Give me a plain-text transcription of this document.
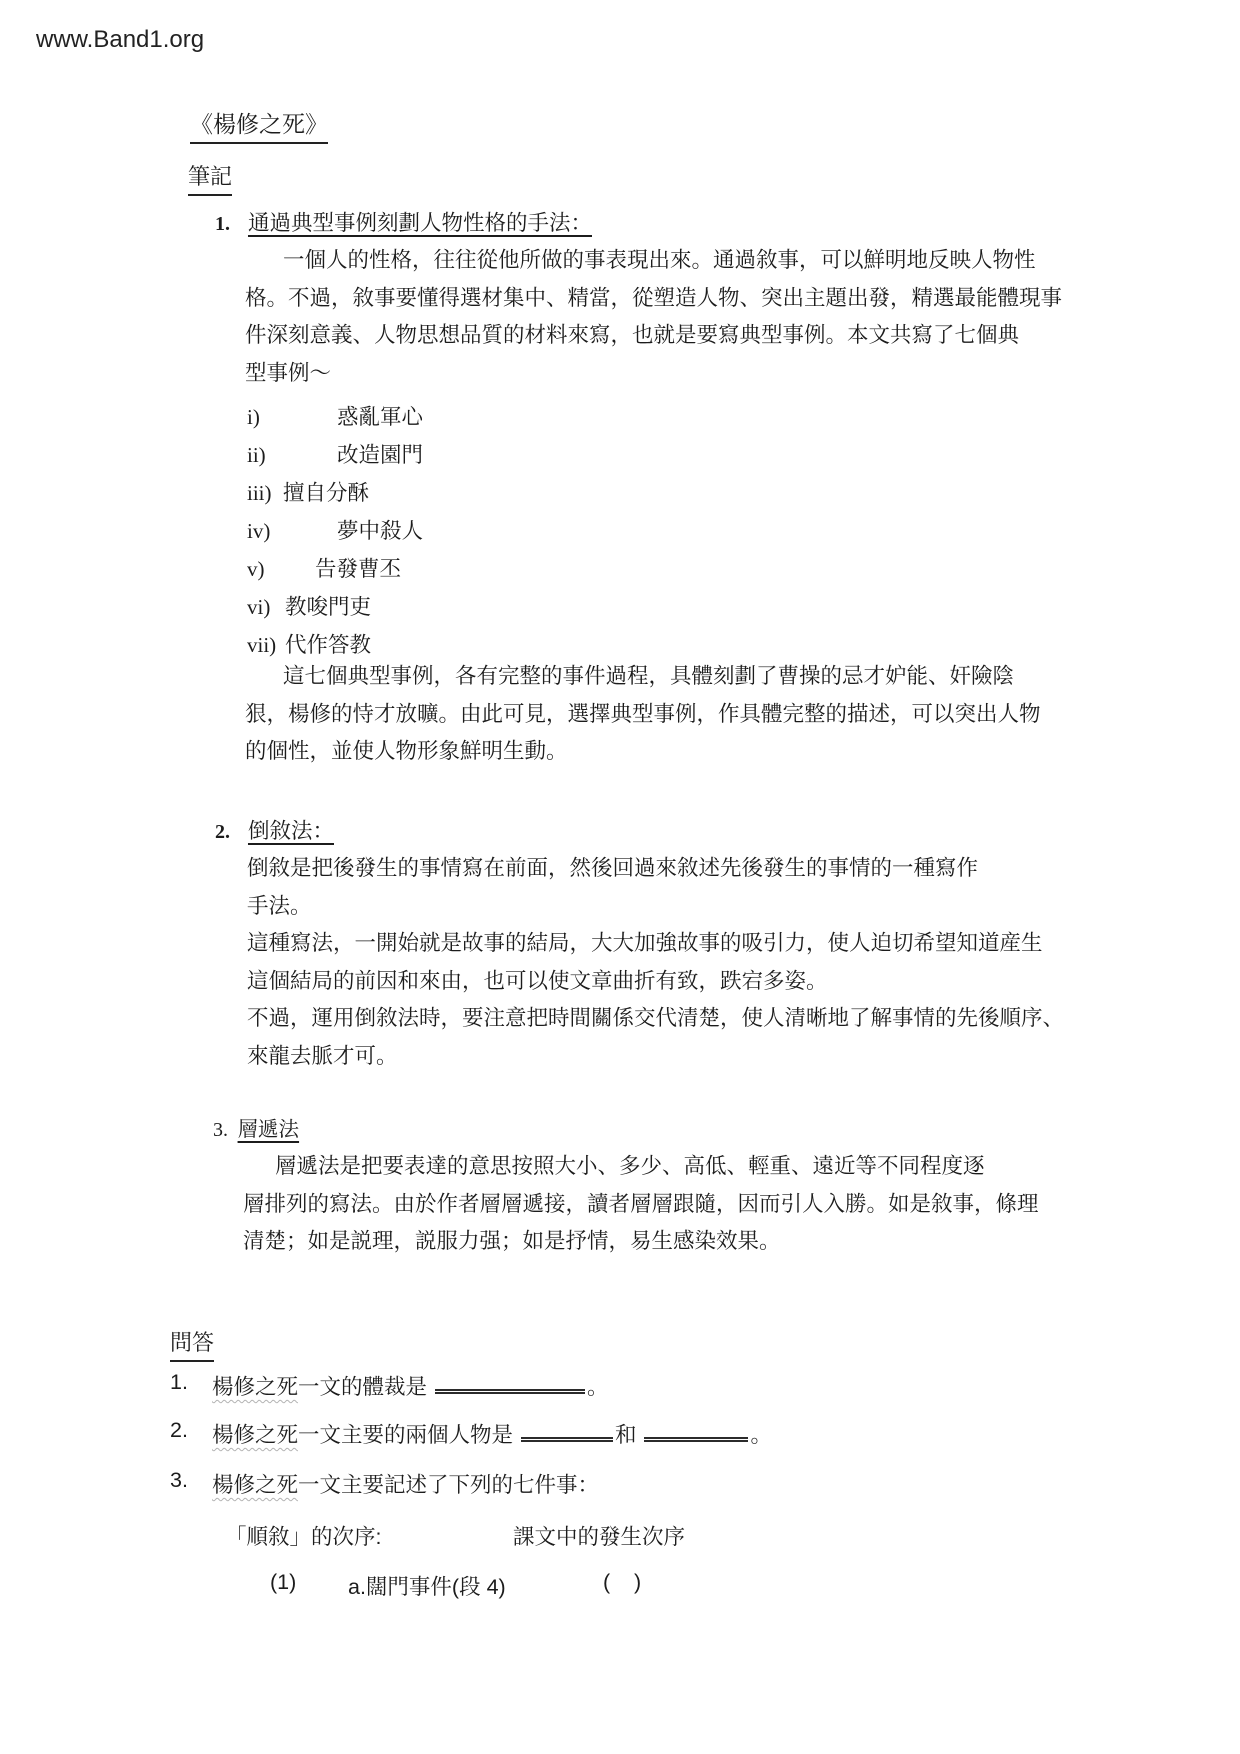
www.Band1.org
《楊修之死》
筆記
1. 通過典型事例刻劃人物性格的手法：
一個人的性格，往往從他所做的事表現出來。通過敘事，可以鮮明地反映人物性
格。不過，敘事要懂得選材集中、精當，從塑造人物、突出主題出發，精選最能體現事
件深刻意義、人物思想品質的材料來寫，也就是要寫典型事例。本文共寫了七個典
型事例～
i)	惑亂軍心
ii)	改造園門
iii) 擅自分酥
iv)	夢中殺人
v) 告發曹丕
vi) 教唆門吏
vii) 代作答教
這七個典型事例，各有完整的事件過程，具體刻劃了曹操的忌才妒能、奸險陰
狠，楊修的恃才放曠。由此可見，選擇典型事例，作具體完整的描述，可以突出人物
的個性，並使人物形象鮮明生動。
2. 倒敘法：
倒敘是把後發生的事情寫在前面，然後回過來敘述先後發生的事情的一種寫作
手法。
這種寫法，一開始就是故事的結局，大大加強故事的吸引力，使人迫切希望知道産生
這個結局的前因和來由，也可以使文章曲折有致，跌宕多姿。
不過，運用倒敘法時，要注意把時間關係交代清楚，使人清晰地了解事情的先後順序、
來龍去脈才可。
3. 層遞法
層遞法是把要表達的意思按照大小、多少、高低、輕重、遠近等不同程度逐
層排列的寫法。由於作者層層遞接，讀者層層跟隨，因而引人入勝。如是敘事，條理
清楚；如是説理，説服力强；如是抒情，易生感染效果。
問答
1. 楊修之死一文的體裁是	。
2. 楊修之死一文主要的兩個人物是	和	。
3. 楊修之死一文主要記述了下列的七件事：
「順敘」的次序:	課文中的發生次序
(1) a.闊門事件(段 4)	(    )
